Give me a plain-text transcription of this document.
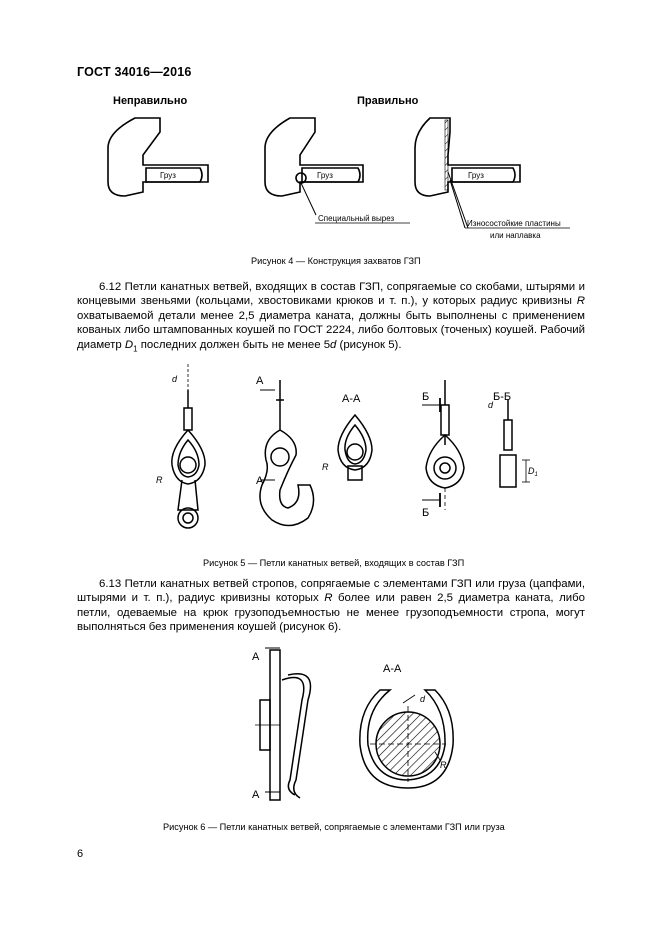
ГОСТ 34016—2016
Неправильно	Правильно
Груз	Груз	Груз
Специальный вырез
Износостойкие пластины
или наплавка
Рисунок 4 — Конструкция захватов ГЗП

6.12 Петли канатных ветвей, входящих в состав ГЗП, сопрягаемые со скобами, штырями и концевыми звеньями (кольцами, хвостовиками крюков и т. п.), у которых радиус кривизны R охватываемой детали менее 2,5 диаметра каната, должны быть выполнены с применением кованых либо штампованных коушей по ГОСТ 2224, либо болтовых (точеных) коушей. Рабочий диаметр $D_1$ последних должен быть не менее 5d (рисунок 5).

d
R
А
А
А-А
R
Б
Б
Б-Б
d
$D_1$
Рисунок 5 — Петли канатных ветвей, входящих в состав ГЗП

6.13 Петли канатных ветвей стропов, сопрягаемые с элементами ГЗП или груза (цапфами, штырями и т. п.), радиус кривизны которых R более или равен 2,5 диаметра каната, либо петли, одеваемые на крюк грузоподъемностью не менее грузоподъемности стропа, могут выполняться без применения коушей (рисунок 6).

А
А
А-А
d
R
Рисунок 6 — Петли канатных ветвей, сопрягаемые с элементами ГЗП или груза
6
